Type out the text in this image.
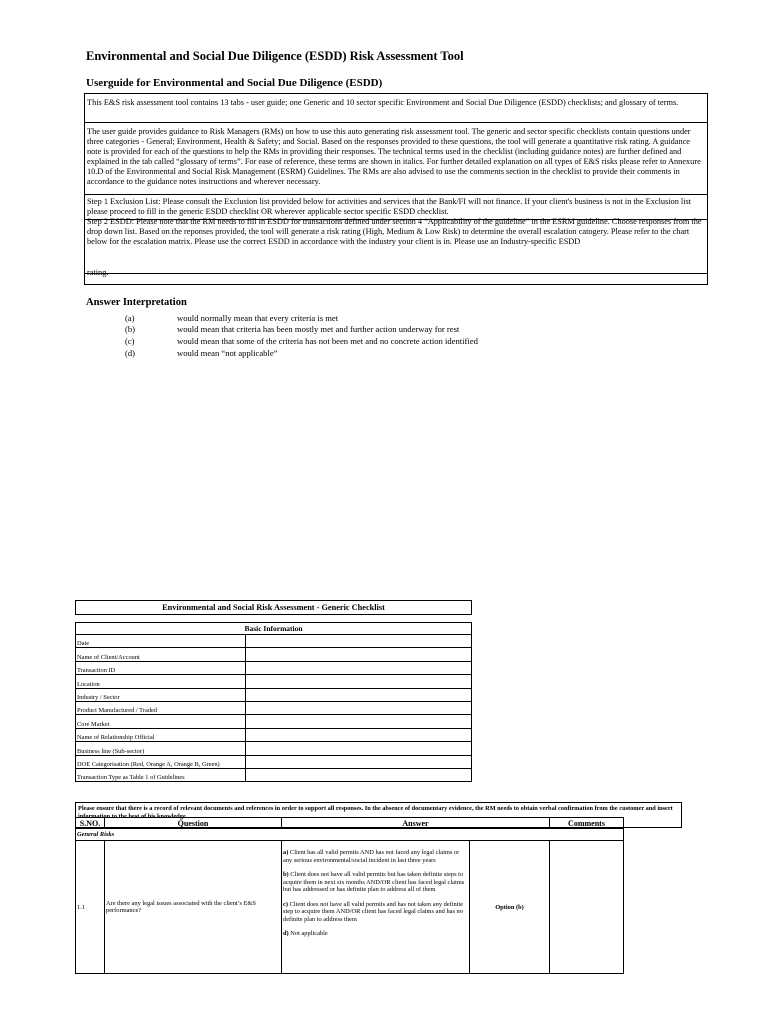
Environmental and Social Due Diligence (ESDD) Risk Assessment Tool
Userguide for Environmental and Social Due Diligence (ESDD)
This E&S risk assessment tool contains 13 tabs - user guide; one Generic and 10 sector specific Environment and Social Due Diligence (ESDD) checklists; and glossary of terms.
The user guide provides guidance to Risk Managers (RMs) on how to use this auto generating risk assessment tool. The generic and sector specific checklists contain questions under three categories - General; Environment, Health & Safety; and Social. Based on the responses provided to these questions, the tool will generate a quantitative risk rating. A guidance note is provided for each of the questions to help the RMs in providing their responses. The technical terms used in the checklist (including guidance notes) are further defined and explained in the tab called “glossary of terms”. For ease of reference, these terms are shown in italics. For further detailed explanation on all types of E&S risks please refer to Annexure 10.D of the Environmental and Social Risk Management (ESRM) Guidelines. The RMs are also advised to use the comments section in the checklist to provide their comments in accordance to the guidance notes instructions and wherever necessary.
Step 1 Exclusion List: Please consult the Exclusion list provided below for activities and services that the Bank/FI will not finance. If your client's business is not in the Exclusion list please proceed to fill in the generic ESDD checklist OR wherever applicable sector specific ESDD checklist.
Step 2 ESDD: Please note that the RM needs to fill in ESDD for transactions defined under section 4 “Applicability of the guideline” in the ESRM guideline. Choose responses from the drop down list. Based on the reponses provided, the tool will generate a risk rating (High, Medium & Low Risk) to determine the overall escalation catogery. Please refer to the chart below for the escalation matrix. Please use the correct ESDD in accordance with the industry your client is in. Please use an Industry-specific ESDD
rating.
Answer Interpretation
(a)	would normally mean that every criteria is met
(b)	would mean that criteria has been mostly met and further action underway for rest
(c)	would mean that some of the criteria has not been met and no concrete action identified
(d)	would mean “not applicable”
Environmental and Social Risk Assessment - Generic Checklist
Basic Information	
Date	
Name of Client/Account	
Transaction ID	
Location	
Industry / Sector	
Product Manufactured / Traded	
Core Market	
Name of Relationship Official	
Business line (Sub-sector)	
DOE Categorisation (Red, Orange A, Orange B, Green)	
Transaction Type as Table 1 of Guidelines	
Please ensure that there is a record of relevant documents and references in order to support all responses. In the absence of documentary evidence, the RM needs to obtain verbal confirmation from the customer and insert information to the best of his knowledge.
S.NO.	Question	Answer		Comments
General Risks				
1.1	Are there any legal issues associated with the client’s E&S performance?	a) Client has all valid permits AND has not faced any legal claims or any serious environmental/social incident in last three years
b) Client does not have all valid permits but has taken definite steps to acquire them in next six months AND/OR client has faced legal claims but has addressed or has definite plan to address all of them
c) Client does not have all valid permits and has not taken any definite step to acquire them AND/OR client has faced legal claims and has no definite plan to address them
d) Not applicable	Option (b)	
